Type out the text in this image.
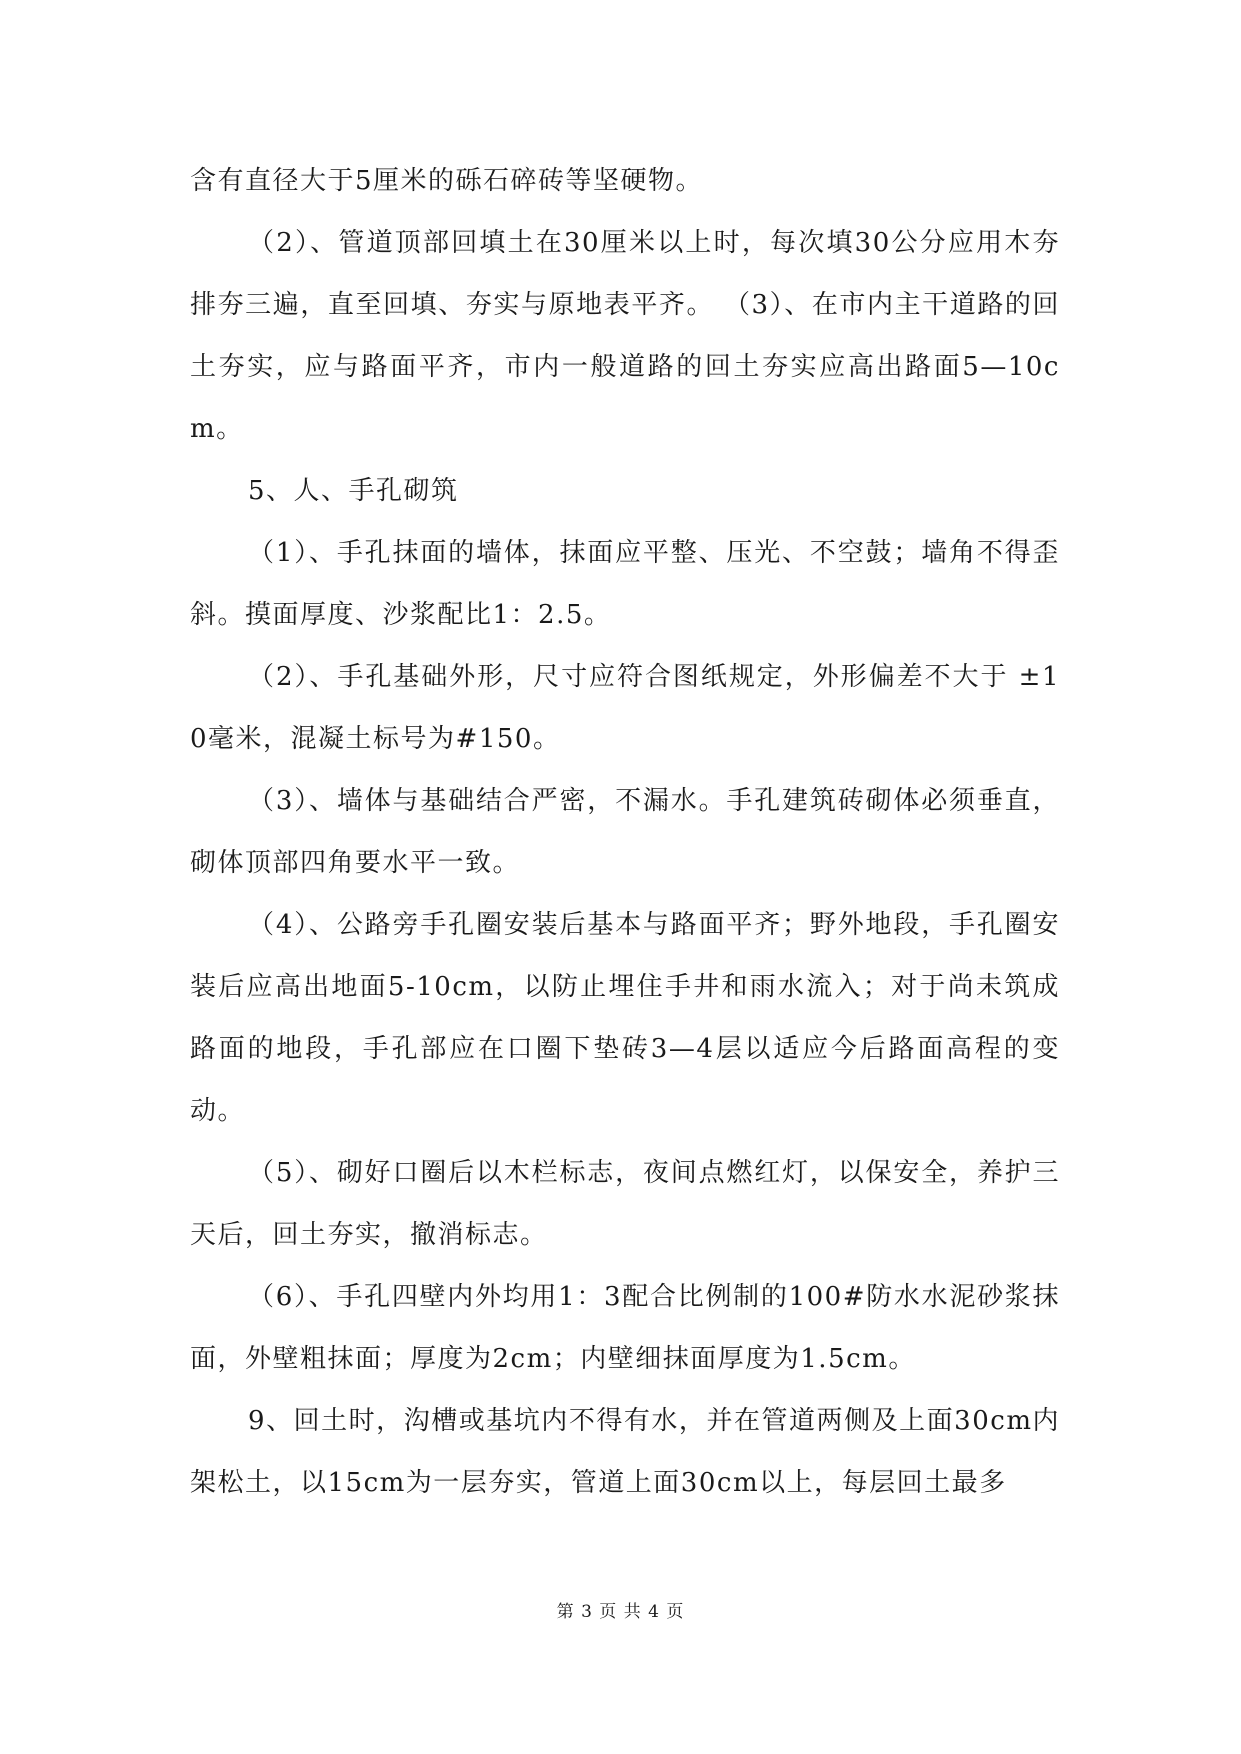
含有直径大于5厘米的砾石碎砖等坚硬物。

（2）、管道顶部回填土在30厘米以上时，每次填30公分应用木夯排夯三遍，直至回填、夯实与原地表平齐。 （3）、在市内主干道路的回土夯实，应与路面平齐，市内一般道路的回土夯实应高出路面5—10cm。

5、人、手孔砌筑

（1）、手孔抹面的墙体，抹面应平整、压光、不空鼓；墙角不得歪斜。摸面厚度、沙浆配比1：2.5。

（2）、手孔基础外形，尺寸应符合图纸规定，外形偏差不大于 ±10毫米，混凝土标号为#150。

（3）、墙体与基础结合严密，不漏水。手孔建筑砖砌体必须垂直，砌体顶部四角要水平一致。

（4）、公路旁手孔圈安装后基本与路面平齐；野外地段，手孔圈安装后应高出地面5-10cm，以防止埋住手井和雨水流入；对于尚未筑成路面的地段，手孔部应在口圈下垫砖3—4层以适应今后路面高程的变动。

（5）、砌好口圈后以木栏标志，夜间点燃红灯，以保安全，养护三天后，回土夯实，撤消标志。

（6）、手孔四壁内外均用1：3配合比例制的100#防水水泥砂浆抹面，外壁粗抹面；厚度为2cm；内壁细抹面厚度为1.5cm。

9、回土时，沟槽或基坑内不得有水，并在管道两侧及上面30cm内架松土，以15cm为一层夯实，管道上面30cm以上，每层回土最多

第 3 页 共 4 页
